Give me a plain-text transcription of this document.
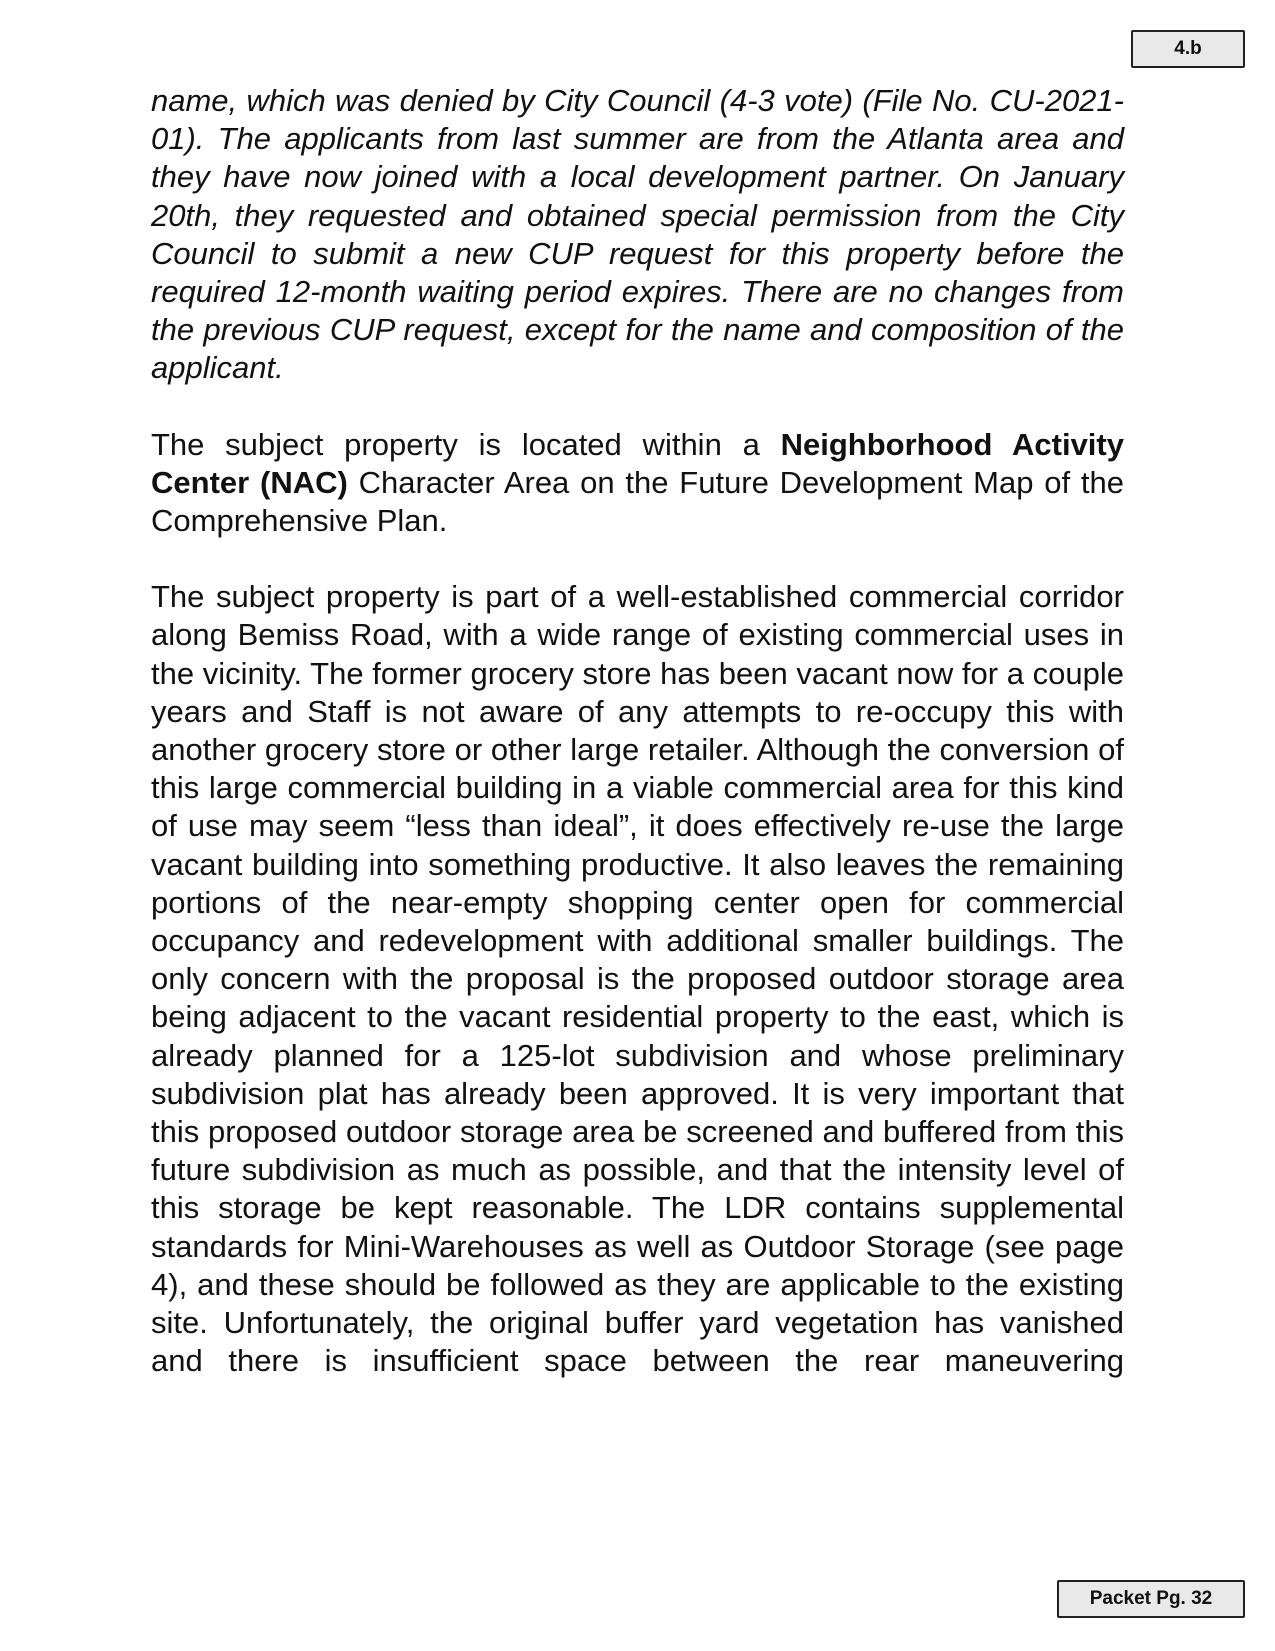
4.b

name, which was denied by City Council (4-3 vote) (File No. CU-2021-01). The applicants from last summer are from the Atlanta area and they have now joined with a local development partner. On January 20th, they requested and obtained special permission from the City Council to submit a new CUP request for this property before the required 12-month waiting period expires. There are no changes from the previous CUP request, except for the name and composition of the applicant.

The subject property is located within a Neighborhood Activity Center (NAC) Character Area on the Future Development Map of the Comprehensive Plan.

The subject property is part of a well-established commercial corridor along Bemiss Road, with a wide range of existing commercial uses in the vicinity. The former grocery store has been vacant now for a couple years and Staff is not aware of any attempts to re-occupy this with another grocery store or other large retailer. Although the conversion of this large commercial building in a viable commercial area for this kind of use may seem “less than ideal”, it does effectively re-use the large vacant building into something productive. It also leaves the remaining portions of the near-empty shopping center open for commercial occupancy and redevelopment with additional smaller buildings. The only concern with the proposal is the proposed outdoor storage area being adjacent to the vacant residential property to the east, which is already planned for a 125-lot subdivision and whose preliminary subdivision plat has already been approved. It is very important that this proposed outdoor storage area be screened and buffered from this future subdivision as much as possible, and that the intensity level of this storage be kept reasonable. The LDR contains supplemental standards for Mini-Warehouses as well as Outdoor Storage (see page 4), and these should be followed as they are applicable to the existing site. Unfortunately, the original buffer yard vegetation has vanished and there is insufficient space between the rear maneuvering

Packet Pg. 32
